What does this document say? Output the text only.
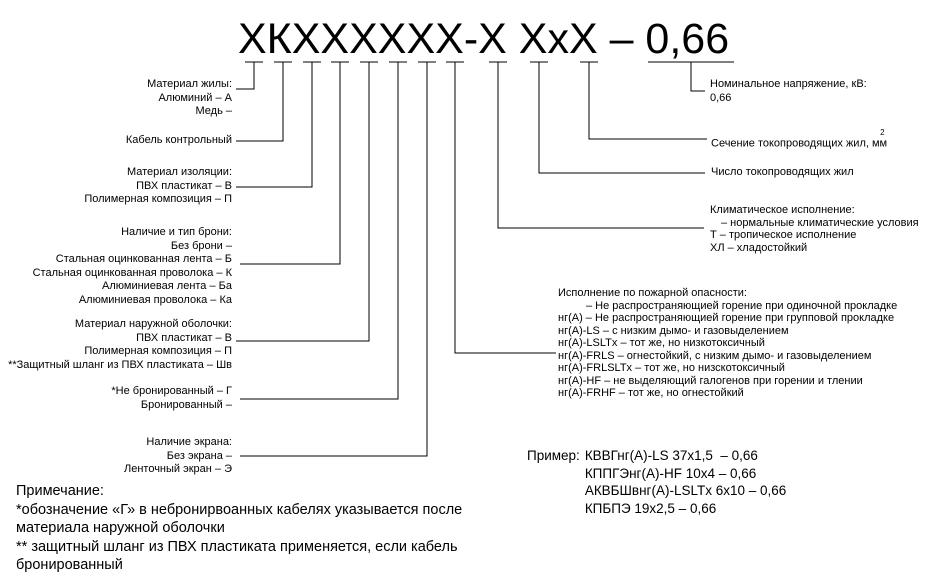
ХКХХХХХХ-Х ХхХ – 0,66
Материал жилы:
Алюминий – А
Медь –
Кабель контрольный
Материал изоляции:
ПВХ пластикат – В
Полимерная композиция – П
Наличие и тип брони:
Без брони –
Стальная оцинкованная лента – Б
Стальная оцинкованная проволока – К
Алюминиевая лента – Ба
Алюминиевая проволока – Ка
Материал наружной оболочки:
ПВХ пластикат – В
Полимерная композиция – П
**Защитный шланг из ПВХ пластиката – Шв
*Не бронированный – Г
Бронированный –
Наличие экрана:
Без экрана –
Ленточный экран – Э
Номинальное напряжение, кВ:
0,66
Сечение токопроводящих жил, $мм^2$
Число токопроводящих жил
Климатическое исполнение:
– нормальные климатические условия
Т – тропическое исполнение
ХЛ – хладостойкий
Исполнение по пожарной опасности:
– Не распространяющией горение при одиночной прокладке
нг(А) – Не распространяющией горение при групповой прокладке
нг(А)-LS – с низким дымо- и газовыделением
нг(А)-LSLTx – тот же, но низкотоксичный
нг(А)-FRLS – огнестойкий, с низким дымо- и газовыделением
нг(А)-FRLSLTx – тот же, но низскотоксичный
нг(А)-HF – не выделяющий галогенов при горении и тлении
нг(А)-FRHF – тот же, но огнестойкий
Пример: КВВГнг(А)-LS 37х1,5  – 0,66
КППГЭнг(А)-HF 10х4 – 0,66
АКВБШвнг(А)-LSLTx 6х10 – 0,66
КПБПЭ 19х2,5 – 0,66
Примечание:
*обозначение «Г» в небронирвоанных кабелях указывается после
материала наружной оболочки
** защитный шланг из ПВХ пластиката применяется, если кабель
бронированный
